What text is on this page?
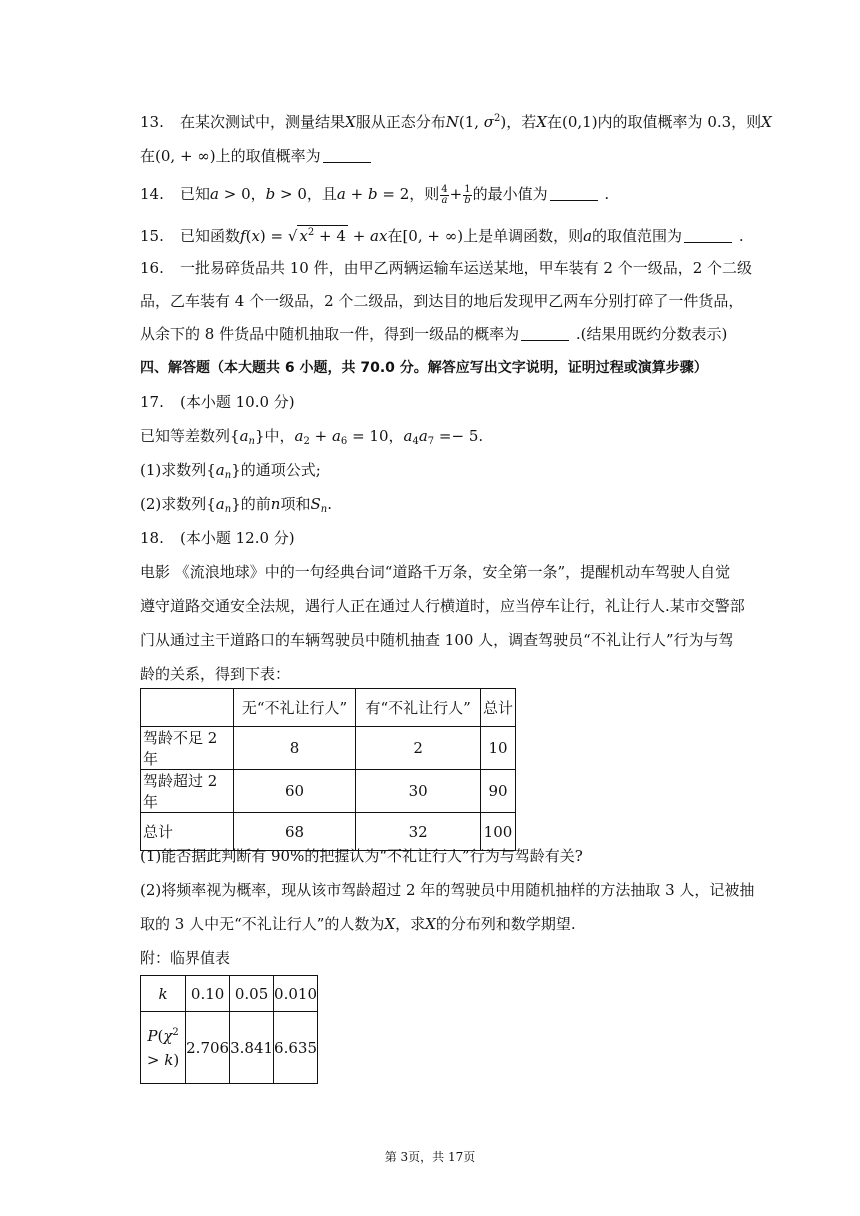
13. 在某次测试中，测量结果X服从正态分布N(1, $\sigma^2$)，若X在(0,1)内的取值概率为 0.3，则X
在(0, + ∞)上的取值概率为
14. 已知a > 0，b > 0，且a + b = 2，则 $\frac{4}{a} + \frac{1}{b}$ 的最小值为	.
15. 已知函数f(x) = √ $x^2 + 4$ + ax在[0, + ∞)上是单调函数，则a的取值范围为	.
16. 一批易碎货品共 10 件，由甲乙两辆运输车运送某地，甲车装有 2 个一级品，2 个二级
品，乙车装有 4 个一级品，2 个二级品，到达目的地后发现甲乙两车分别打碎了一件货品，
从余下的 8 件货品中随机抽取一件，得到一级品的概率为	.(结果用既约分数表示)
四、解答题（本大题共 6 小题，共 70.0 分。解答应写出文字说明，证明过程或演算步骤）
17. (本小题 10.0 分)
已知等差数列$\{a_n\}$中，$a_2 + a_6 = 10$，$a_4a_7 =- 5$.
(1)求数列$\{a_n\}$的通项公式;
(2)求数列$\{a_n\}$的前n项和$S_n$.
18. (本小题 12.0 分)
电影 《流浪地球》中的一句经典台词“道路千万条，安全第一条”，提醒机动车驾驶人自觉
遵守道路交通安全法规，遇行人正在通过人行横道时，应当停车让行，礼让行人.某市交警部
门从通过主干道路口的车辆驾驶员中随机抽查 100 人，调查驾驶员“不礼让行人”行为与驾
龄的关系，得到下表：
	无“不礼让行人”	有“不礼让行人”	总计
驾龄不足 2 年	8	2	10
驾龄超过 2 年	60	30	90
总计	68	32	100
(1)能否据此判断有 90%的把握认为“不礼让行人”行为与驾龄有关?
(2)将频率视为概率，现从该市驾龄超过 2 年的驾驶员中用随机抽样的方法抽取 3 人，记被抽
取的 3 人中无“不礼让行人”的人数为X，求X的分布列和数学期望.
附：临界值表
k	0.10	0.05	0.010
$P(\chi^2$
> k)	2.706	3.841	6.635
第 3页，共 17页
